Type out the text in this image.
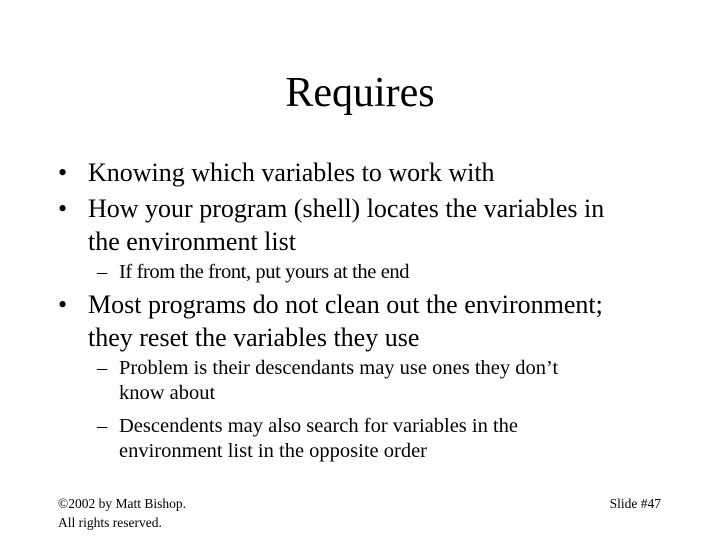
Requires
• Knowing which variables to work with
• How your program (shell) locates the variables in
the environment list
– If from the front, put yours at the end
• Most programs do not clean out the environment;
they reset the variables they use
– Problem is their descendants may use ones they don’t
know about
– Descendents may also search for variables in the
environment list in the opposite order
©2002 by Matt Bishop.
All rights reserved.
Slide #47
